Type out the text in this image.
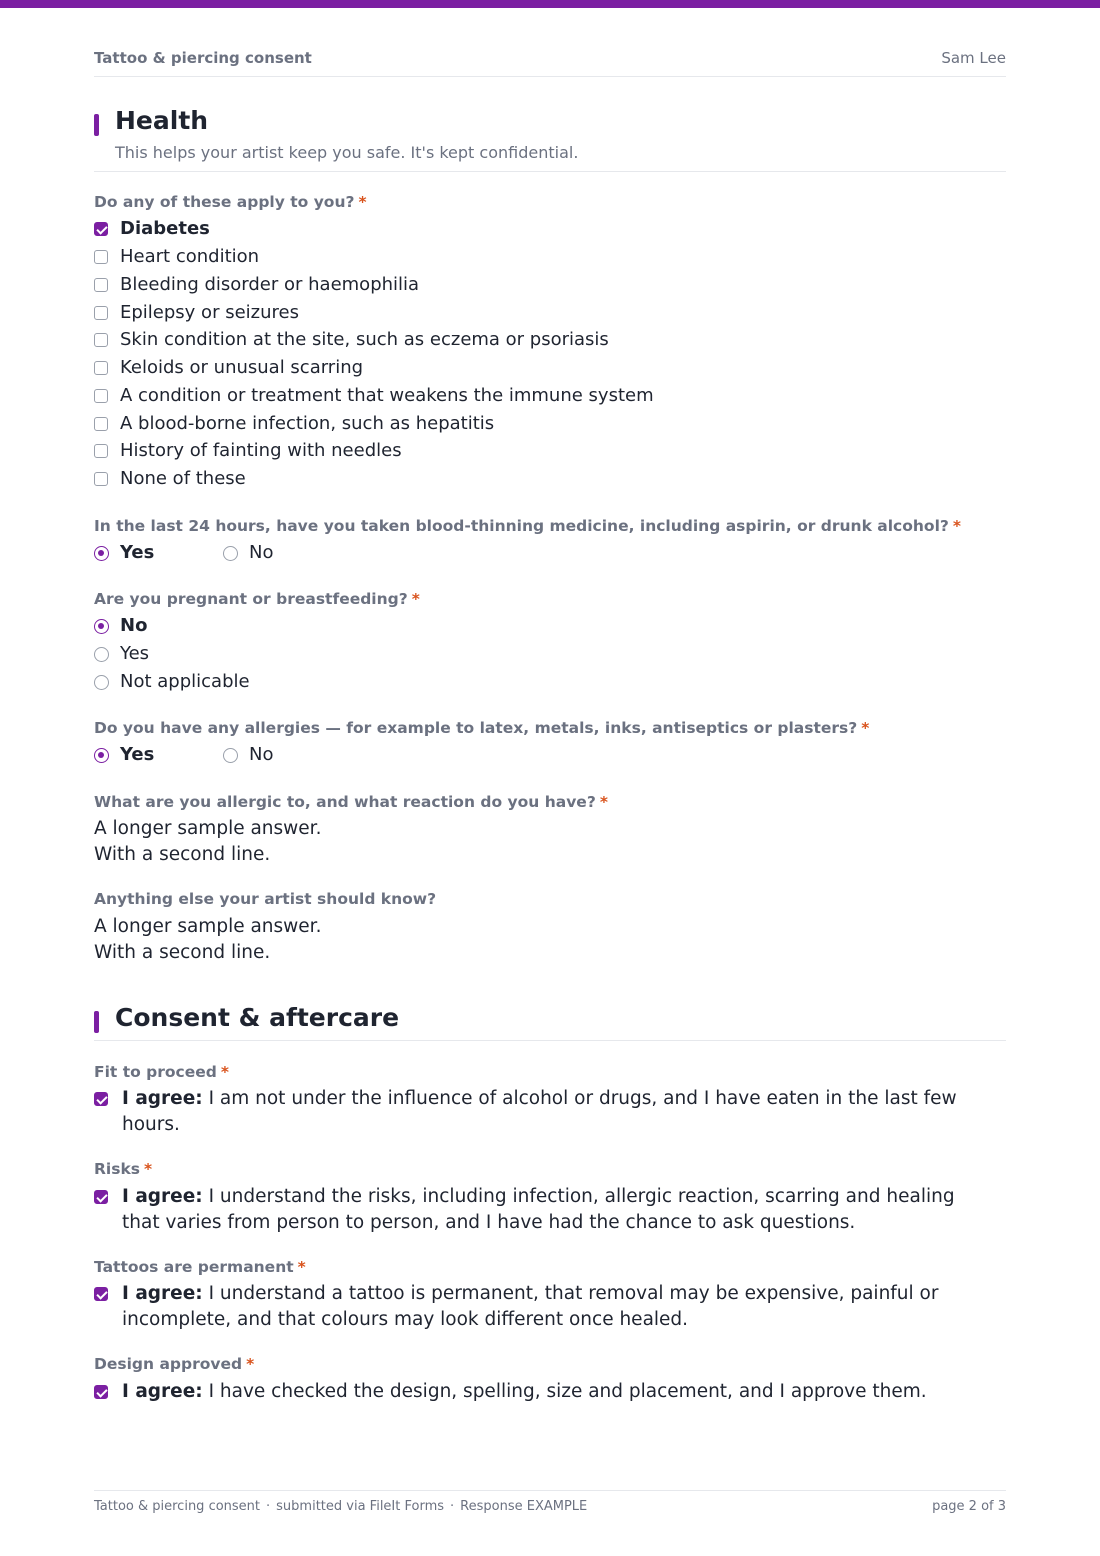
Tattoo & piercing consent	Sam Lee
Health
This helps your artist keep you safe. It's kept confidential.
Do any of these apply to you? *
Diabetes
Heart condition
Bleeding disorder or haemophilia
Epilepsy or seizures
Skin condition at the site, such as eczema or psoriasis
Keloids or unusual scarring
A condition or treatment that weakens the immune system
A blood-borne infection, such as hepatitis
History of fainting with needles
None of these
In the last 24 hours, have you taken blood-thinning medicine, including aspirin, or drunk alcohol? *
Yes	No
Are you pregnant or breastfeeding? *
No
Yes
Not applicable
Do you have any allergies — for example to latex, metals, inks, antiseptics or plasters? *
Yes	No
What are you allergic to, and what reaction do you have? *
A longer sample answer.
With a second line.
Anything else your artist should know?
A longer sample answer.
With a second line.
Consent & aftercare
Fit to proceed *
I agree: I am not under the influence of alcohol or drugs, and I have eaten in the last few hours.
Risks *
I agree: I understand the risks, including infection, allergic reaction, scarring and healing that varies from person to person, and I have had the chance to ask questions.
Tattoos are permanent *
I agree: I understand a tattoo is permanent, that removal may be expensive, painful or incomplete, and that colours may look different once healed.
Design approved *
I agree: I have checked the design, spelling, size and placement, and I approve them.
Tattoo & piercing consent · submitted via FileIt Forms · Response EXAMPLE	page 2 of 3
